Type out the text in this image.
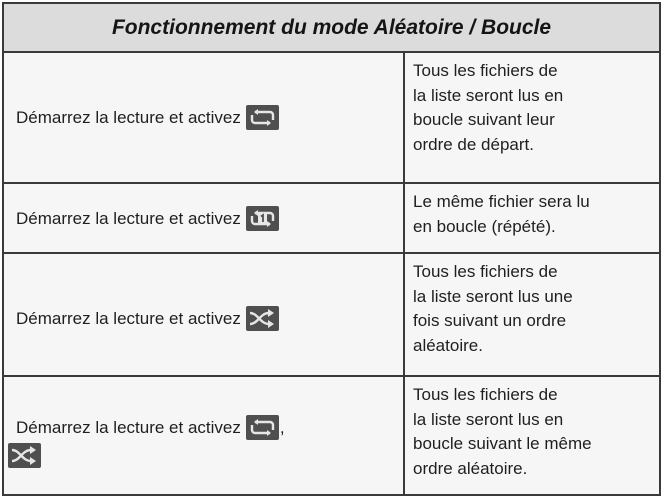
Fonctionnement du mode Aléatoire / Boucle
Démarrez la lecture et activez
Tous les fichiers de
la liste seront lus en
boucle suivant leur
ordre de départ.
Démarrez la lecture et activez
Le même fichier sera lu
en boucle (répété).
Démarrez la lecture et activez
Tous les fichiers de
la liste seront lus une
fois suivant un ordre
aléatoire.
Démarrez la lecture et activez ,
Tous les fichiers de
la liste seront lus en
boucle suivant le même
ordre aléatoire.
